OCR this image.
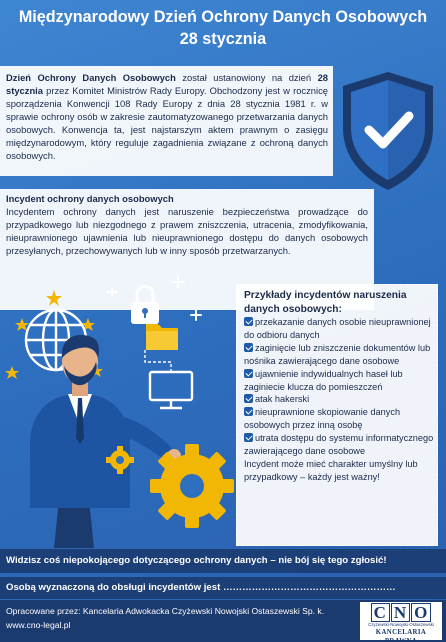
Międzynarodowy Dzień Ochrony Danych Osobowych
28 stycznia
Dzień Ochrony Danych Osobowych został ustanowiony na dzień 28 stycznia przez Komitet Ministrów Rady Europy. Obchodzony jest w rocznicę sporządzenia Konwencji 108 Rady Europy z dnia 28 stycznia 1981 r. w sprawie ochrony osób w zakresie zautomatyzowanego przetwarzania danych osobowych. Konwencja ta, jest najstarszym aktem prawnym o zasięgu międzynarodowym, który reguluje zagadnienia związane z ochroną danych osobowych.
Incydent ochrony danych osobowych
Incydentem ochrony danych jest naruszenie bezpieczeństwa prowadzące do przypadkowego lub niezgodnego z prawem zniszczenia, utracenia, zmodyfikowania, nieuprawnionego ujawnienia lub nieuprawnionego dostępu do danych osobowych przesyłanych, przechowywanych lub w inny sposób przetwarzanych.
Przykłady incydentów naruszenia danych osobowych:
przekazanie danych osobie nieuprawnionej do odbioru danych
zaginięcie lub zniszczenie dokumentów lub nośnika zawierającego dane osobowe
ujawnienie indywidualnych haseł lub zaginiecie klucza do pomieszczeń
atak hakerski
nieuprawnione skopiowanie danych osobowych przez inną osobę
utrata dostępu do systemu informatycznego zawierającego dane osobowe
Incydent może mieć charakter umyślny lub przypadkowy – każdy jest ważny!
Widzisz coś niepokojącego dotyczącego ochrony danych – nie bój się tego zgłosić!
Osobą wyznaczoną do obsługi incydentów jest ………………………………………………
Opracowane przez: Kancelaria Adwokacka Czyżewski Nowojski Ostaszewski Sp. k.
www.cno-legal.pl
C N O
Czyżewski·Nowojski·Ostaszewski
KANCELARIA PRAWNA
